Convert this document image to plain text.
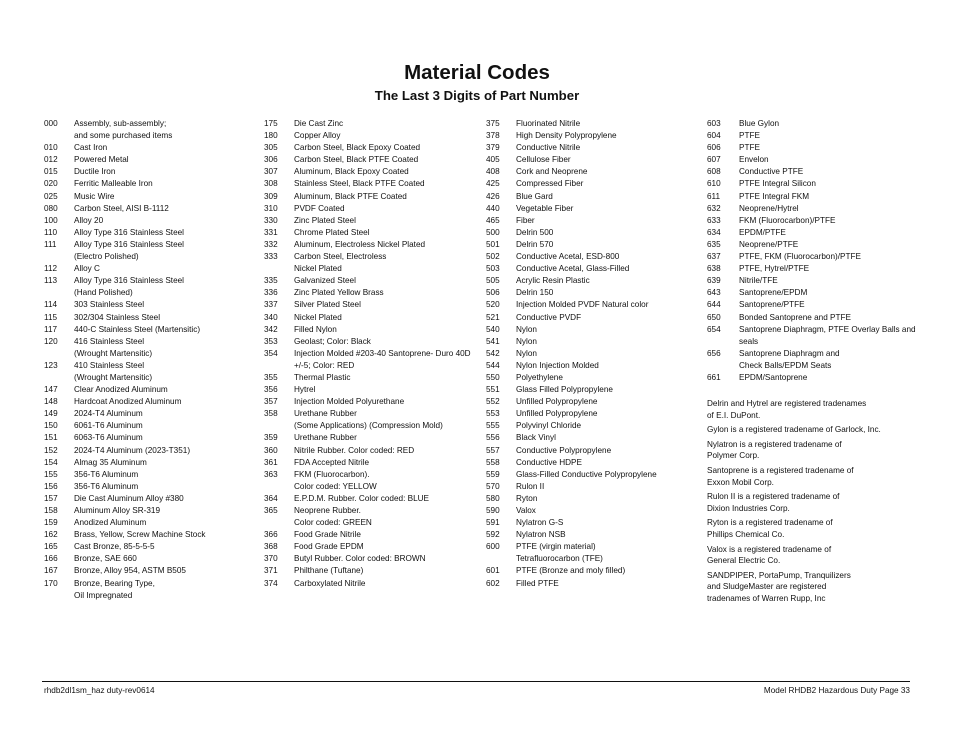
Material Codes
The Last 3 Digits of Part Number
000	Assembly, sub-assembly;
and some purchased items
010	Cast Iron
012	Powered Metal
015	Ductile Iron
020	Ferritic Malleable Iron
025	Music Wire
080	Carbon Steel, AISI B-1112
100	Alloy 20
110	Alloy Type 316 Stainless Steel
111	Alloy Type 316 Stainless Steel
(Electro Polished)
112	Alloy C
113	Alloy Type 316 Stainless Steel
(Hand Polished)
114	303 Stainless Steel
115	302/304 Stainless Steel
117	440-C Stainless Steel (Martensitic)
120	416 Stainless Steel
(Wrought Martensitic)
123	410 Stainless Steel
(Wrought Martensitic)
147	Clear Anodized Aluminum
148	Hardcoat Anodized Aluminum
149	2024-T4 Aluminum
150	6061-T6 Aluminum
151	6063-T6 Aluminum
152	2024-T4 Aluminum (2023-T351)
154	Almag 35 Aluminum
155	356-T6 Aluminum
156	356-T6 Aluminum
157	Die Cast Aluminum Alloy #380
158	Aluminum Alloy SR-319
159	Anodized Aluminum
162	Brass, Yellow, Screw Machine Stock
165	Cast Bronze, 85-5-5-5
166	Bronze, SAE 660
167	Bronze, Alloy 954, ASTM B505
170	Bronze, Bearing Type,
Oil Impregnated
175	Die Cast Zinc
180	Copper Alloy
305	Carbon Steel, Black Epoxy Coated
306	Carbon Steel, Black PTFE Coated
307	Aluminum, Black Epoxy Coated
308	Stainless Steel, Black PTFE Coated
309	Aluminum, Black PTFE Coated
310	PVDF Coated
330	Zinc Plated Steel
331	Chrome Plated Steel
332	Aluminum, Electroless Nickel Plated
333	Carbon Steel, Electroless
Nickel Plated
335	Galvanized Steel
336	Zinc Plated Yellow Brass
337	Silver Plated Steel
340	Nickel Plated
342	Filled Nylon
353	Geolast; Color: Black
354	Injection Molded #203-40 Santoprene- Duro 40D
+/-5; Color: RED
355	Thermal Plastic
356	Hytrel
357	Injection Molded Polyurethane
358	Urethane Rubber
(Some Applications) (Compression Mold)
359	Urethane Rubber
360	Nitrile Rubber. Color coded: RED
361	FDA Accepted Nitrile
363	FKM (Fluorocarbon).
Color coded: YELLOW
364	E.P.D.M. Rubber. Color coded: BLUE
365	Neoprene Rubber.
Color coded: GREEN
366	Food Grade Nitrile
368	Food Grade EPDM
370	Butyl Rubber. Color coded: BROWN
371	Philthane (Tuftane)
374	Carboxylated Nitrile
375	Fluorinated Nitrile
378	High Density Polypropylene
379	Conductive Nitrile
405	Cellulose Fiber
408	Cork and Neoprene
425	Compressed Fiber
426	Blue Gard
440	Vegetable Fiber
465	Fiber
500	Delrin 500
501	Delrin 570
502	Conductive Acetal, ESD-800
503	Conductive Acetal, Glass-Filled
505	Acrylic Resin Plastic
506	Delrin 150
520	Injection Molded PVDF Natural color
521	Conductive PVDF
540	Nylon
541	Nylon
542	Nylon
544	Nylon Injection Molded
550	Polyethylene
551	Glass Filled Polypropylene
552	Unfilled Polypropylene
553	Unfilled Polypropylene
555	Polyvinyl Chloride
556	Black Vinyl
557	Conductive Polypropylene
558	Conductive HDPE
559	Glass-Filled Conductive Polypropylene
570	Rulon II
580	Ryton
590	Valox
591	Nylatron G-S
592	Nylatron NSB
600	PTFE (virgin material)
Tetrafluorocarbon (TFE)
601	PTFE (Bronze and moly filled)
602	Filled PTFE
603	Blue Gylon
604	PTFE
606	PTFE
607	Envelon
608	Conductive PTFE
610	PTFE Integral Silicon
611	PTFE Integral FKM
632	Neoprene/Hytrel
633	FKM (Fluorocarbon)/PTFE
634	EPDM/PTFE
635	Neoprene/PTFE
637	PTFE, FKM (Fluorocarbon)/PTFE
638	PTFE, Hytrel/PTFE
639	Nitrile/TFE
643	Santoprene/EPDM
644	Santoprene/PTFE
650	Bonded Santoprene and PTFE
654	Santoprene Diaphragm, PTFE Overlay Balls and
seals
656	Santoprene Diaphragm and
Check Balls/EPDM Seats
661	EPDM/Santoprene
Delrin and Hytrel are registered tradenames
of E.I. DuPont.
Gylon is a registered tradename of Garlock, Inc.
Nylatron is a registered tradename of
Polymer Corp.
Santoprene is a registered tradename of
Exxon Mobil Corp.
Rulon II is a registered tradename of
Dixion Industries Corp.
Ryton is a registered tradename of
Phillips Chemical Co.
Valox is a registered tradename of
General Electric Co.
SANDPIPER, PortaPump, Tranquilizers
and SludgeMaster are registered
tradenames of Warren Rupp, Inc
rhdb2dl1sm_haz duty-rev0614	Model RHDB2 Hazardous Duty Page 33
